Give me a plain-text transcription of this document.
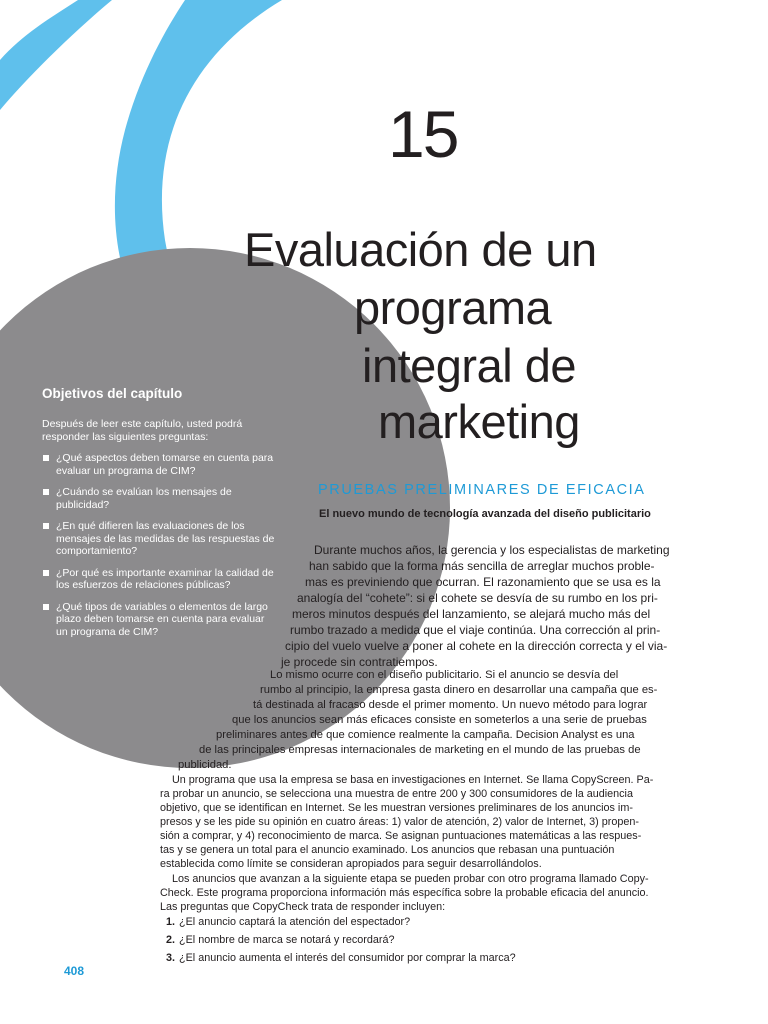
15
Evaluación de un
programa
integral de
marketing
Objetivos del capítulo
Después de leer este capítulo, usted podrá responder las siguientes preguntas:
¿Qué aspectos deben tomarse en cuenta para evaluar un programa de CIM?
¿Cuándo se evalúan los mensajes de publicidad?
¿En qué difieren las evaluaciones de los mensajes de las medidas de las respuestas de comportamiento?
¿Por qué es importante examinar la calidad de los esfuerzos de relaciones públicas?
¿Qué tipos de variables o elementos de largo plazo deben tomarse en cuenta para evaluar un programa de CIM?
PRUEBAS PRELIMINARES DE EFICACIA
El nuevo mundo de tecnología avanzada del diseño publicitario
Durante muchos años, la gerencia y los especialistas de marketing
han sabido que la forma más sencilla de arreglar muchos proble-
mas es previniendo que ocurran. El razonamiento que se usa es la
analogía del “cohete”: si el cohete se desvía de su rumbo en los pri-
meros minutos después del lanzamiento, se alejará mucho más del
rumbo trazado a medida que el viaje continúa. Una corrección al prin-
cipio del vuelo vuelve a poner al cohete en la dirección correcta y el via-
je procede sin contratiempos.
Lo mismo ocurre con el diseño publicitario. Si el anuncio se desvía del
rumbo al principio, la empresa gasta dinero en desarrollar una campaña que es-
tá destinada al fracaso desde el primer momento. Un nuevo método para lograr
que los anuncios sean más eficaces consiste en someterlos a una serie de pruebas
preliminares antes de que comience realmente la campaña. Decision Analyst es una
de las principales empresas internacionales de marketing en el mundo de las pruebas de
publicidad.
Un programa que usa la empresa se basa en investigaciones en Internet. Se llama CopyScreen. Pa-
ra probar un anuncio, se selecciona una muestra de entre 200 y 300 consumidores de la audiencia
objetivo, que se identifican en Internet. Se les muestran versiones preliminares de los anuncios im-
presos y se les pide su opinión en cuatro áreas: 1) valor de atención, 2) valor de Internet, 3) propen-
sión a comprar, y 4) reconocimiento de marca. Se asignan puntuaciones matemáticas a las respues-
tas y se genera un total para el anuncio examinado. Los anuncios que rebasan una puntuación
establecida como límite se consideran apropiados para seguir desarrollándolos.
Los anuncios que avanzan a la siguiente etapa se pueden probar con otro programa llamado Copy-
Check. Este programa proporciona información más específica sobre la probable eficacia del anuncio.
Las preguntas que CopyCheck trata de responder incluyen:
1. ¿El anuncio captará la atención del espectador?
2. ¿El nombre de marca se notará y recordará?
3. ¿El anuncio aumenta el interés del consumidor por comprar la marca?
408
